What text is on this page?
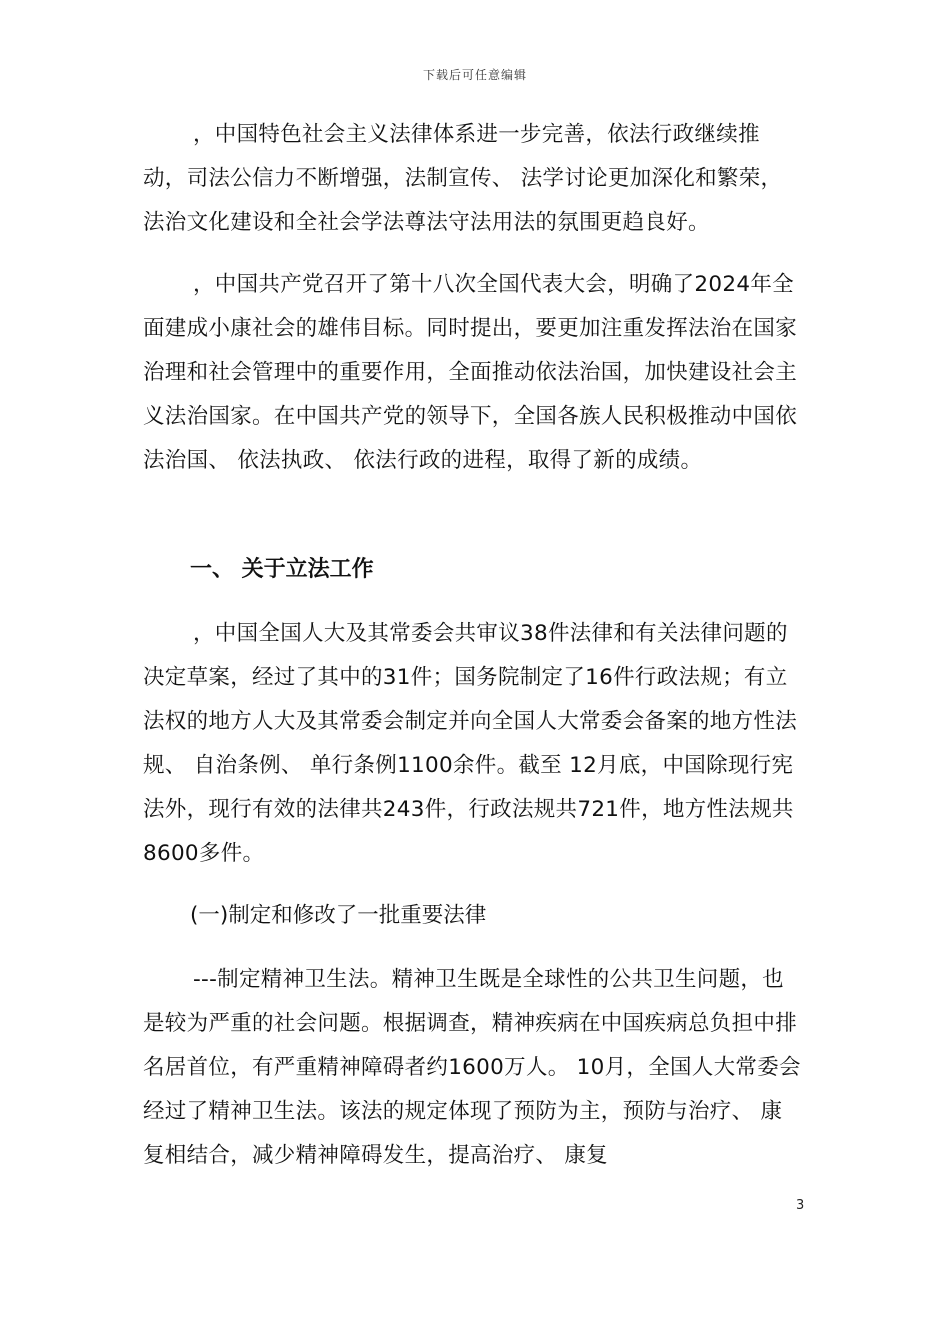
下载后可任意编辑

，中国特色社会主义法律体系进一步完善，依法行政继续推动，司法公信力不断增强，法制宣传、 法学讨论更加深化和繁荣， 法治文化建设和全社会学法尊法守法用法的氛围更趋良好。

，中国共产党召开了第十八次全国代表大会，明确了2024年全面建成小康社会的雄伟目标。同时提出，要更加注重发挥法治在国家治理和社会管理中的重要作用，全面推动依法治国，加快建设社会主义法治国家。在中国共产党的领导下，全国各族人民积极推动中国依法治国、 依法执政、 依法行政的进程，取得了新的成绩。

一、 关于立法工作

，中国全国人大及其常委会共审议38件法律和有关法律问题的决定草案，经过了其中的31件；国务院制定了16件行政法规；有立法权的地方人大及其常委会制定并向全国人大常委会备案的地方性法规、 自治条例、 单行条例1100余件。截至 12月底，中国除现行宪法外，现行有效的法律共243件，行政法规共721件，地方性法规共8600多件。

(一)制定和修改了一批重要法律

---制定精神卫生法。精神卫生既是全球性的公共卫生问题，也是较为严重的社会问题。根据调查，精神疾病在中国疾病总负担中排名居首位，有严重精神障碍者约1600万人。 10月，全国人大常委会经过了精神卫生法。该法的规定体现了预防为主，预防与治疗、 康复相结合，减少精神障碍发生，提高治疗、 康复

3
